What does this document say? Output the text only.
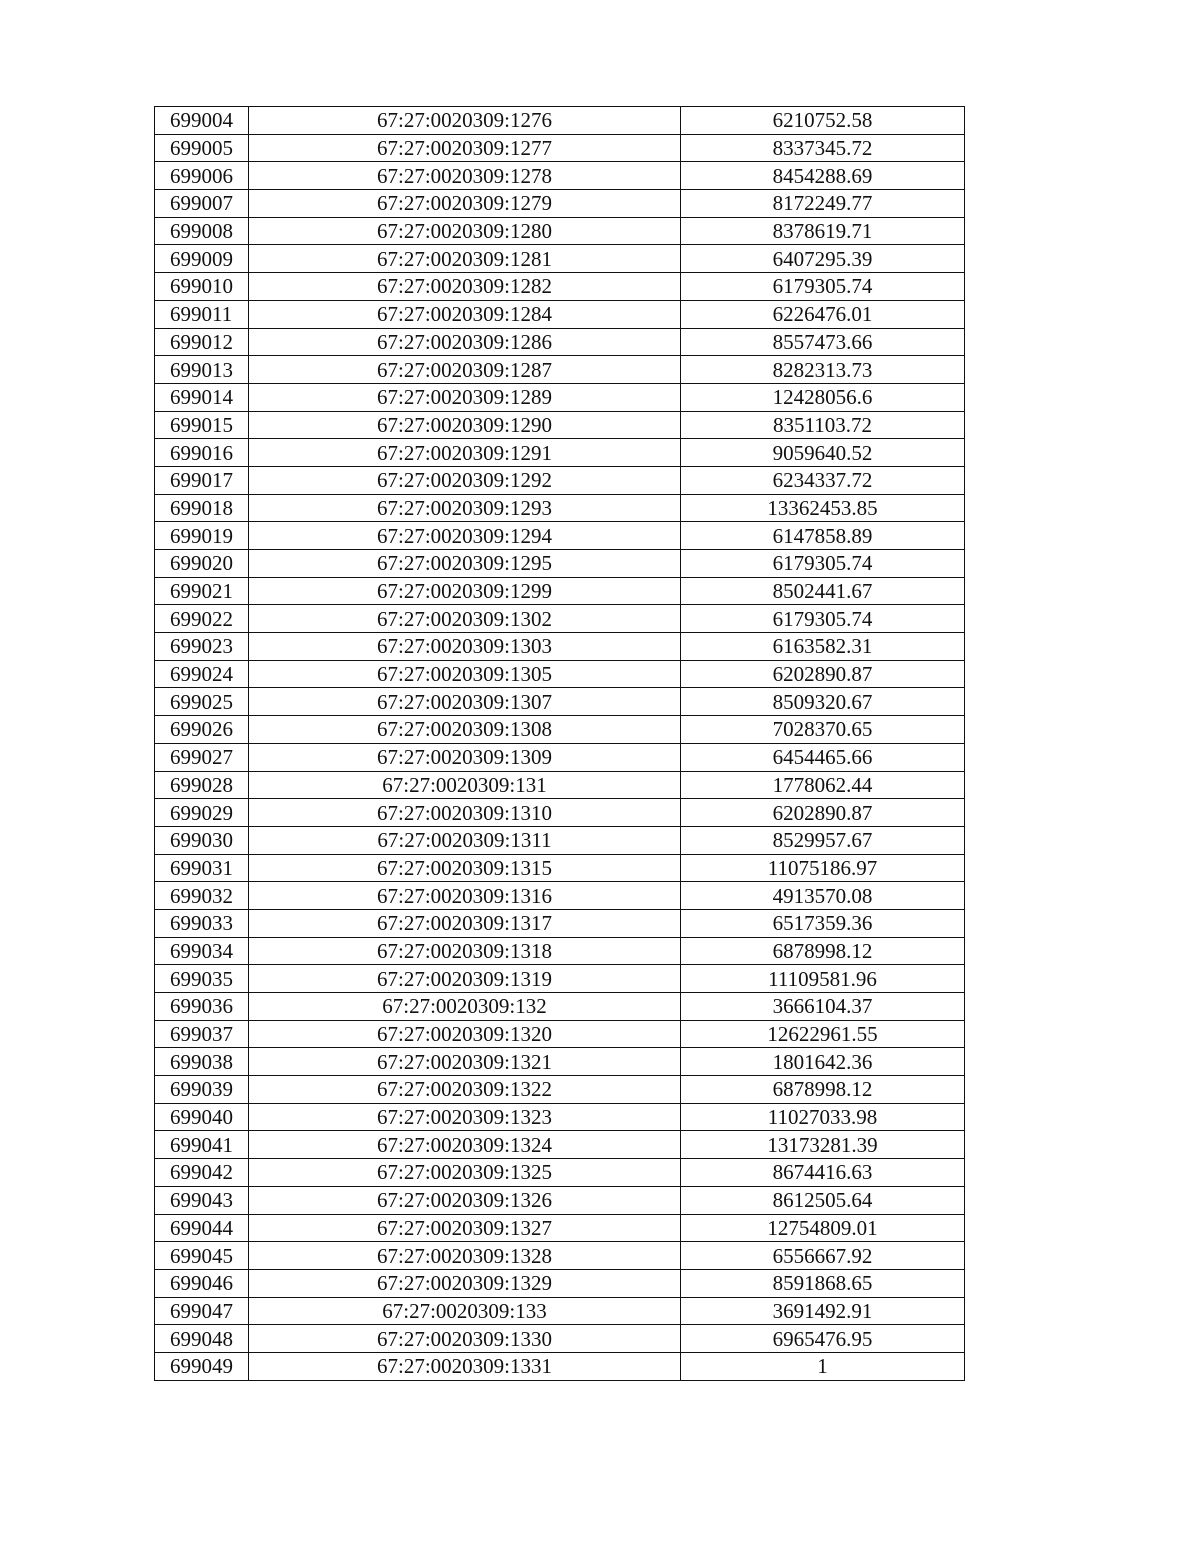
699004	67:27:0020309:1276	6210752.58
699005	67:27:0020309:1277	8337345.72
699006	67:27:0020309:1278	8454288.69
699007	67:27:0020309:1279	8172249.77
699008	67:27:0020309:1280	8378619.71
699009	67:27:0020309:1281	6407295.39
699010	67:27:0020309:1282	6179305.74
699011	67:27:0020309:1284	6226476.01
699012	67:27:0020309:1286	8557473.66
699013	67:27:0020309:1287	8282313.73
699014	67:27:0020309:1289	12428056.6
699015	67:27:0020309:1290	8351103.72
699016	67:27:0020309:1291	9059640.52
699017	67:27:0020309:1292	6234337.72
699018	67:27:0020309:1293	13362453.85
699019	67:27:0020309:1294	6147858.89
699020	67:27:0020309:1295	6179305.74
699021	67:27:0020309:1299	8502441.67
699022	67:27:0020309:1302	6179305.74
699023	67:27:0020309:1303	6163582.31
699024	67:27:0020309:1305	6202890.87
699025	67:27:0020309:1307	8509320.67
699026	67:27:0020309:1308	7028370.65
699027	67:27:0020309:1309	6454465.66
699028	67:27:0020309:131	1778062.44
699029	67:27:0020309:1310	6202890.87
699030	67:27:0020309:1311	8529957.67
699031	67:27:0020309:1315	11075186.97
699032	67:27:0020309:1316	4913570.08
699033	67:27:0020309:1317	6517359.36
699034	67:27:0020309:1318	6878998.12
699035	67:27:0020309:1319	11109581.96
699036	67:27:0020309:132	3666104.37
699037	67:27:0020309:1320	12622961.55
699038	67:27:0020309:1321	1801642.36
699039	67:27:0020309:1322	6878998.12
699040	67:27:0020309:1323	11027033.98
699041	67:27:0020309:1324	13173281.39
699042	67:27:0020309:1325	8674416.63
699043	67:27:0020309:1326	8612505.64
699044	67:27:0020309:1327	12754809.01
699045	67:27:0020309:1328	6556667.92
699046	67:27:0020309:1329	8591868.65
699047	67:27:0020309:133	3691492.91
699048	67:27:0020309:1330	6965476.95
699049	67:27:0020309:1331	1
